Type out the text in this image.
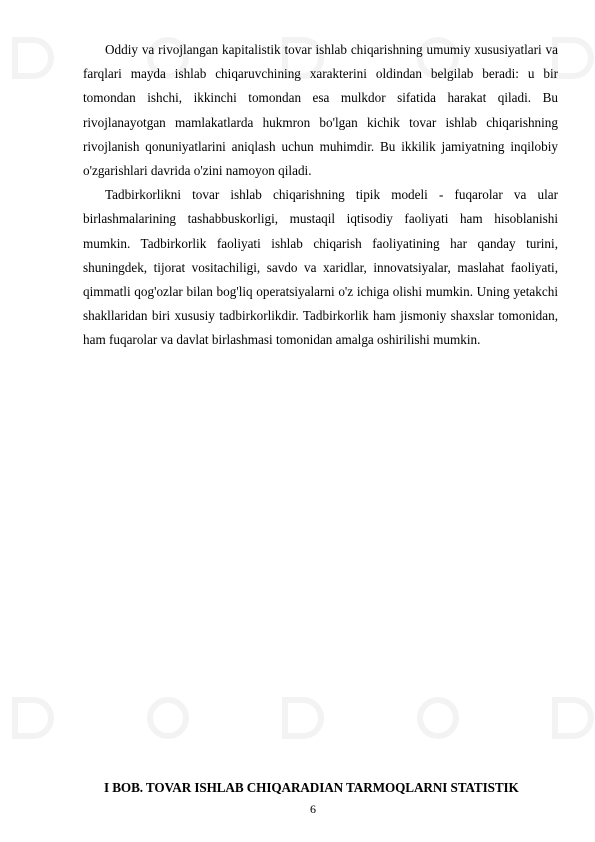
Oddiy va rivojlangan kapitalistik tovar ishlab chiqarishning umumiy xususiyatlari va farqlari mayda ishlab chiqaruvchining xarakterini oldindan belgilab beradi: u bir tomondan ishchi, ikkinchi tomondan esa mulkdor sifatida harakat qiladi. Bu rivojlanayotgan mamlakatlarda hukmron bo'lgan kichik tovar ishlab chiqarishning rivojlanish qonuniyatlarini aniqlash uchun muhimdir. Bu ikkilik jamiyatning inqilobiy o'zgarishlari davrida o'zini namoyon qiladi.

Tadbirkorlikni tovar ishlab chiqarishning tipik modeli - fuqarolar va ular birlashmalarining tashabbuskorligi, mustaqil iqtisodiy faoliyati ham hisoblanishi mumkin. Tadbirkorlik faoliyati ishlab chiqarish faoliyatining har qanday turini, shuningdek, tijorat vositachiligi, savdo va xaridlar, innovatsiyalar, maslahat faoliyati, qimmatli qog'ozlar bilan bog'liq operatsiyalarni o'z ichiga olishi mumkin. Uning yetakchi shakllaridan biri xususiy tadbirkorlikdir. Tadbirkorlik ham jismoniy shaxslar tomonidan, ham fuqarolar va davlat birlashmasi tomonidan amalga oshirilishi mumkin.

I BOB. TOVAR ISHLAB CHIQARADIAN TARMOQLARNI STATISTIK
6
